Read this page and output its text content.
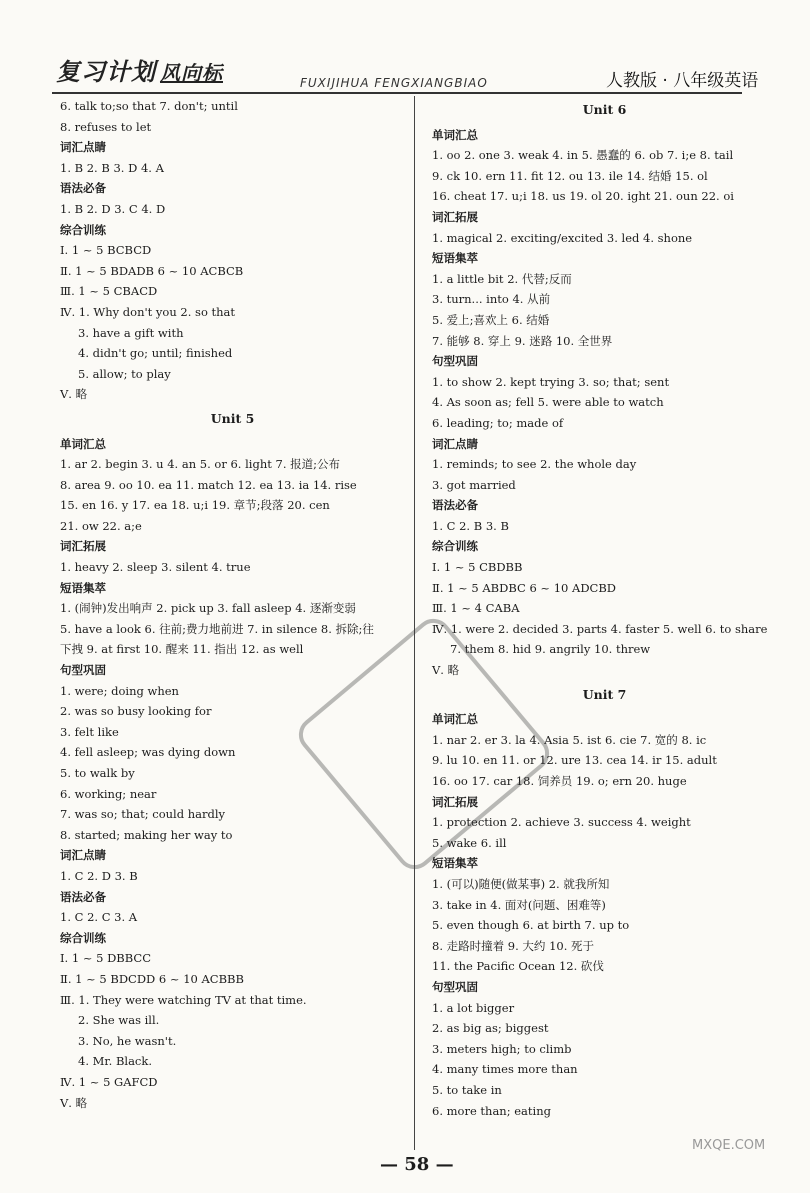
复习计划 风向标	FUXIJIHUA FENGXIANGBIAO	人教版 · 八年级英语
6. talk to;so that 7. don't; until
8. refuses to let
词汇点睛
1. B 2. B 3. D 4. A
语法必备
1. B 2. D 3. C 4. D
综合训练
Ⅰ. 1 ~ 5 BCBCD
Ⅱ. 1 ~ 5 BDADB 6 ~ 10 ACBCB
Ⅲ. 1 ~ 5 CBACD
Ⅳ. 1. Why don't you 2. so that
3. have a gift with
4. didn't go; until; finished
5. allow; to play
Ⅴ. 略
Unit 5
单词汇总
1. ar 2. begin 3. u 4. an 5. or 6. light 7. 报道;公布
8. area 9. oo 10. ea 11. match 12. ea 13. ia 14. rise
15. en 16. y 17. ea 18. u;i 19. 章节;段落 20. cen
21. ow 22. a;e
词汇拓展
1. heavy 2. sleep 3. silent 4. true
短语集萃
1. (闹钟)发出响声 2. pick up 3. fall asleep 4. 逐渐变弱
5. have a look 6. 往前;费力地前进 7. in silence 8. 拆除;往
下拽 9. at first 10. 醒来 11. 指出 12. as well
句型巩固
1. were; doing when
2. was so busy looking for
3. felt like
4. fell asleep; was dying down
5. to walk by
6. working; near
7. was so; that; could hardly
8. started; making her way to
词汇点睛
1. C 2. D 3. B
语法必备
1. C 2. C 3. A
综合训练
Ⅰ. 1 ~ 5 DBBCC
Ⅱ. 1 ~ 5 BDCDD 6 ~ 10 ACBBB
Ⅲ. 1. They were watching TV at that time.
2. She was ill.
3. No, he wasn't.
4. Mr. Black.
Ⅳ. 1 ~ 5 GAFCD
Ⅴ. 略
Unit 6
单词汇总
1. oo 2. one 3. weak 4. in 5. 愚蠢的 6. ob 7. i;e 8. tail
9. ck 10. ern 11. fit 12. ou 13. ile 14. 结婚 15. ol
16. cheat 17. u;i 18. us 19. ol 20. ight 21. oun 22. oi
词汇拓展
1. magical 2. exciting/excited 3. led 4. shone
短语集萃
1. a little bit 2. 代替;反而
3. turn... into 4. 从前
5. 爱上;喜欢上 6. 结婚
7. 能够 8. 穿上 9. 迷路 10. 全世界
句型巩固
1. to show 2. kept trying 3. so; that; sent
4. As soon as; fell 5. were able to watch
6. leading; to; made of
词汇点睛
1. reminds; to see 2. the whole day
3. got married
语法必备
1. C 2. B 3. B
综合训练
Ⅰ. 1 ~ 5 CBDBB
Ⅱ. 1 ~ 5 ABDBC 6 ~ 10 ADCBD
Ⅲ. 1 ~ 4 CABA
Ⅳ. 1. were 2. decided 3. parts 4. faster 5. well 6. to share
7. them 8. hid 9. angrily 10. threw
Ⅴ. 略
Unit 7
单词汇总
1. nar 2. er 3. la 4. Asia 5. ist 6. cie 7. 宽的 8. ic
9. lu 10. en 11. or 12. ure 13. cea 14. ir 15. adult
16. oo 17. car 18. 饲养员 19. o; ern 20. huge
词汇拓展
1. protection 2. achieve 3. success 4. weight
5. wake 6. ill
短语集萃
1. (可以)随便(做某事) 2. 就我所知
3. take in 4. 面对(问题、困难等)
5. even though 6. at birth 7. up to
8. 走路时撞着 9. 大约 10. 死于
11. the Pacific Ocean 12. 砍伐
句型巩固
1. a lot bigger
2. as big as; biggest
3. meters high; to climb
4. many times more than
5. to take in
6. more than; eating
— 58 —
MXQE.COM
